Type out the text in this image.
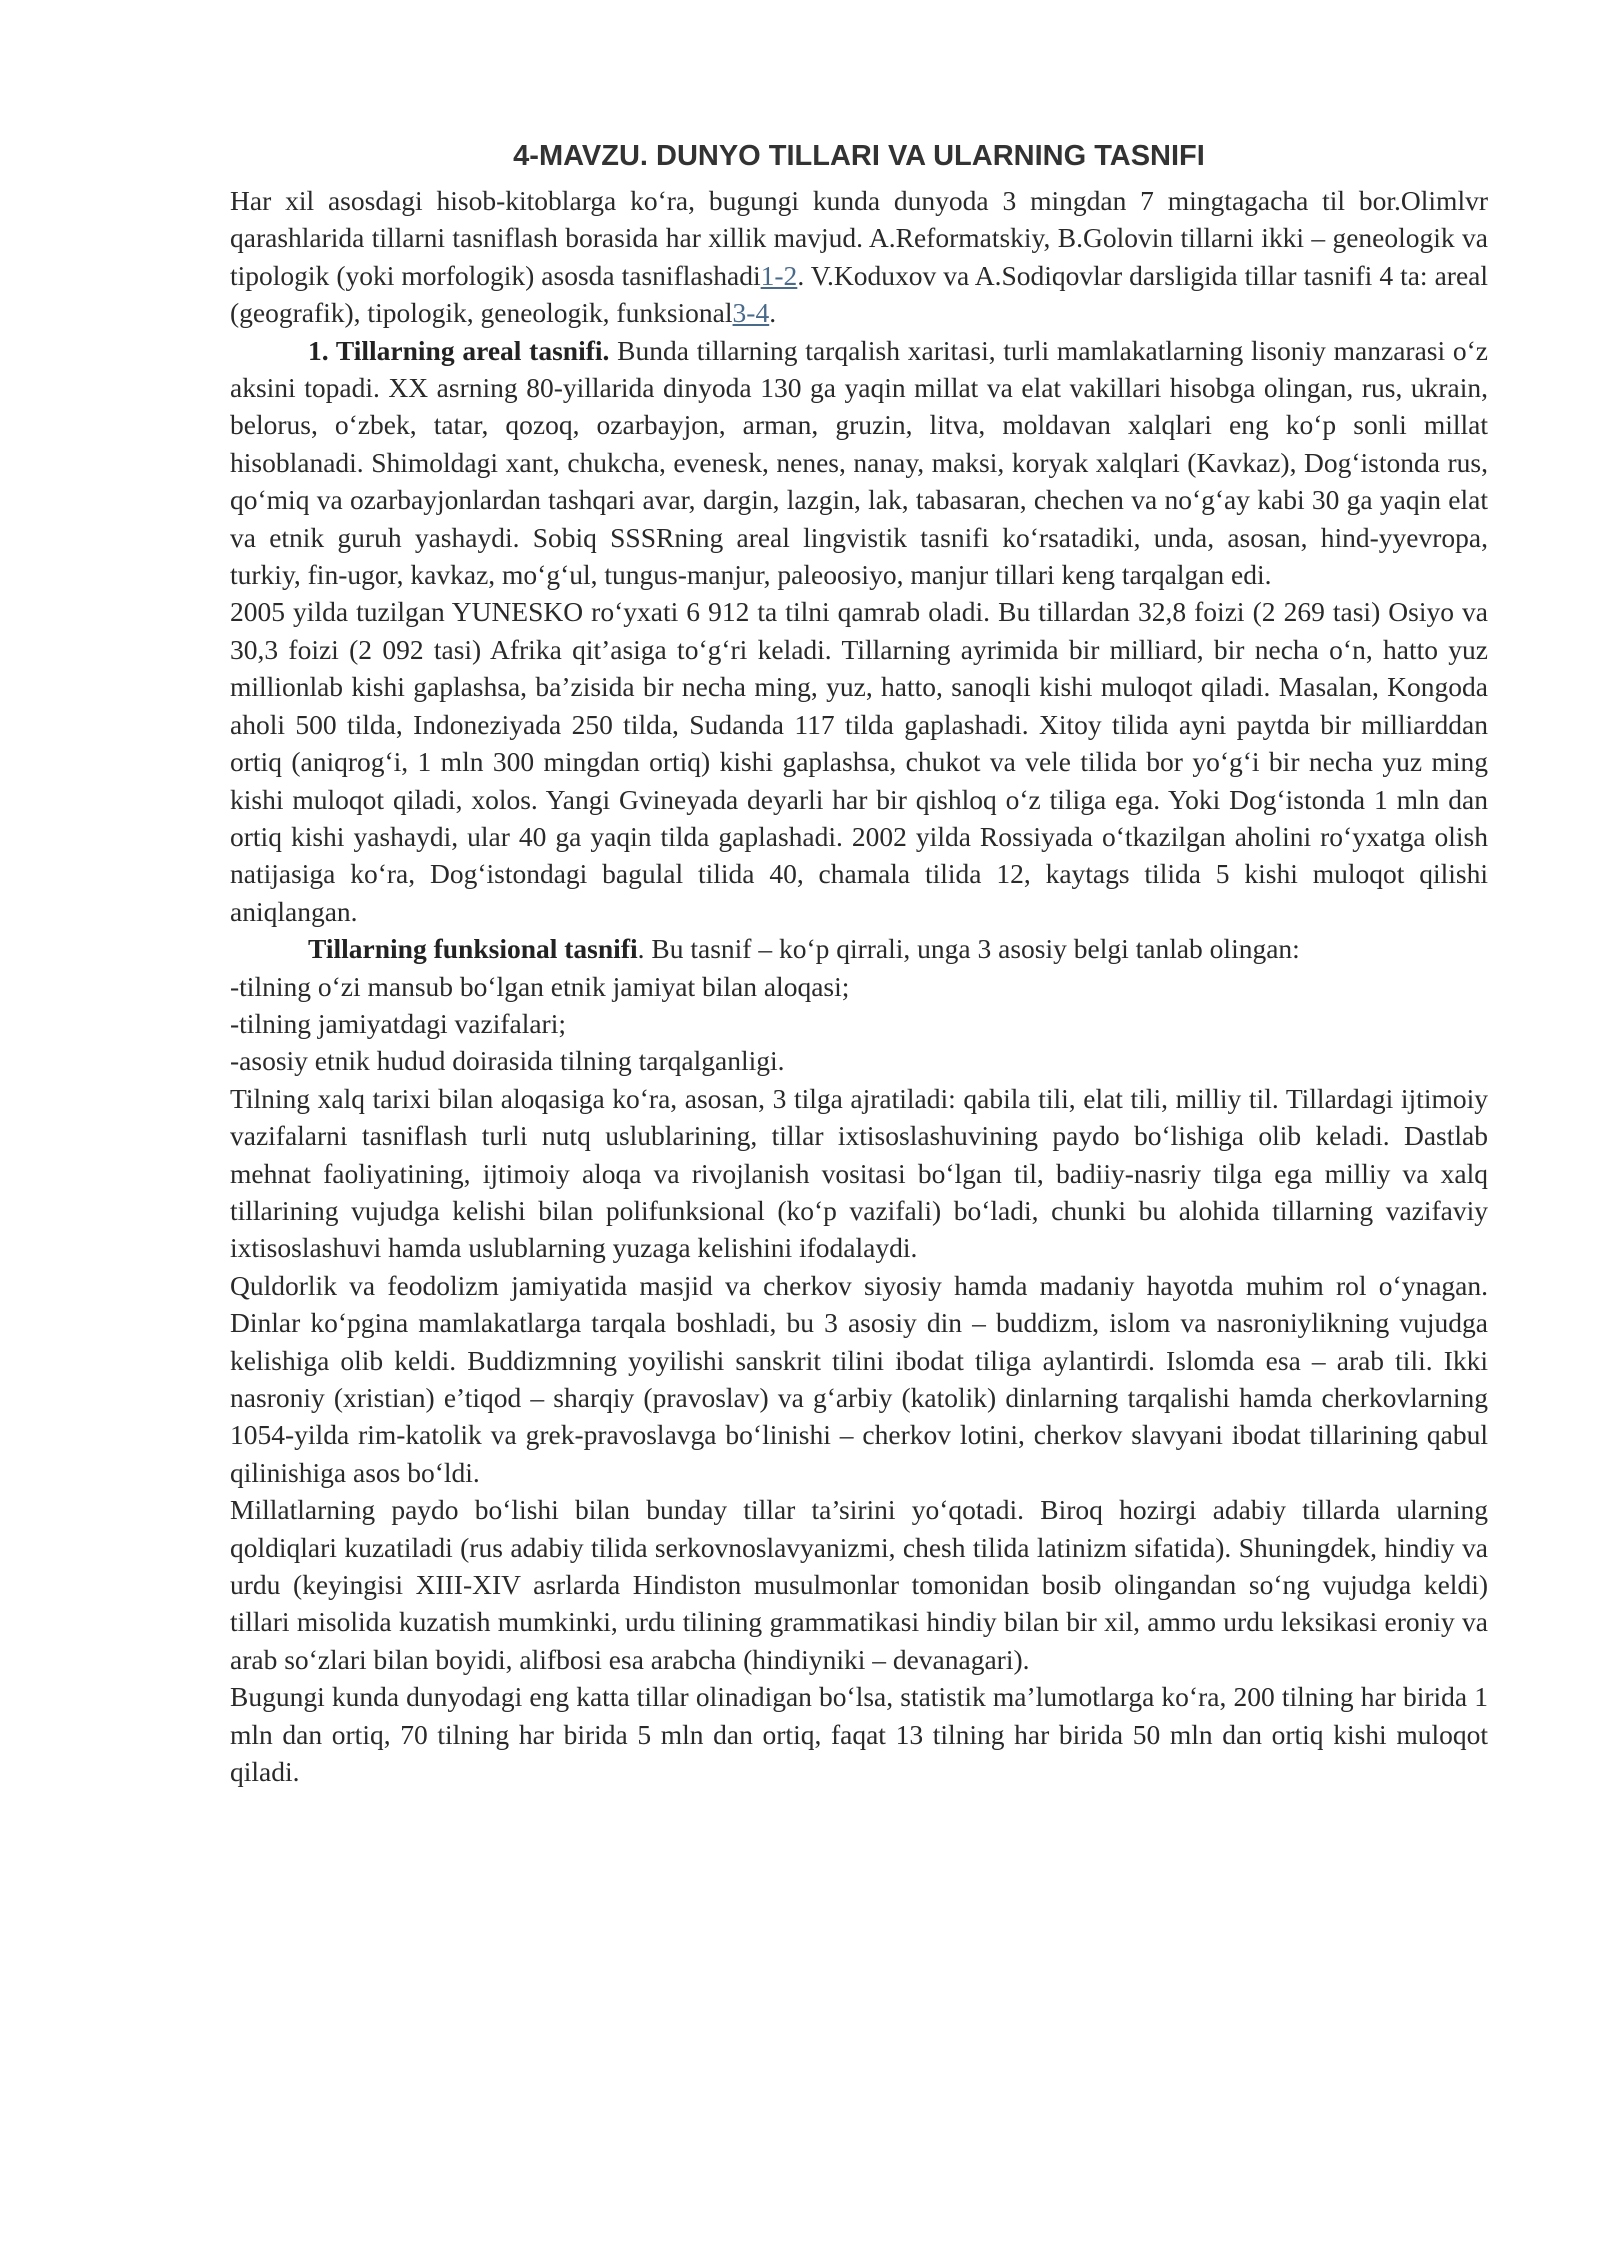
4-MAVZU. DUNYO TILLARI VA ULARNING TASNIFI

Har xil asosdagi hisob-kitoblarga ko‘ra, bugungi kunda dunyoda 3 mingdan 7 mingtagacha til bor.Olimlvr qarashlarida tillarni tasniflash borasida har xillik mavjud. A.Reformatskiy, B.Golovin tillarni ikki – geneologik va tipologik (yoki morfologik) asosda tasniflashadi1-2. V.Koduxov va A.Sodiqovlar darsligida tillar tasnifi 4 ta: areal (geografik), tipologik, geneologik, funksional3-4.

1. Tillarning areal tasnifi. Bunda tillarning tarqalish xaritasi, turli mamlakatlarning lisoniy manzarasi o‘z aksini topadi. XX asrning 80-yillarida dinyoda 130 ga yaqin millat va elat vakillari hisobga olingan, rus, ukrain, belorus, o‘zbek, tatar, qozoq, ozarbayjon, arman, gruzin, litva, moldavan xalqlari eng ko‘p sonli millat hisoblanadi. Shimoldagi xant, chukcha, evenesk, nenes, nanay, maksi, koryak xalqlari (Kavkaz), Dog‘istonda rus, qo‘miq va ozarbayjonlardan tashqari avar, dargin, lazgin, lak, tabasaran, chechen va no‘g‘ay kabi 30 ga yaqin elat va etnik guruh yashaydi. Sobiq SSSRning areal lingvistik tasnifi ko‘rsatadiki, unda, asosan, hind-yyevropa, turkiy, fin-ugor, kavkaz, mo‘g‘ul, tungus-manjur, paleoosiyo, manjur tillari keng tarqalgan edi.

2005 yilda tuzilgan YUNESKO ro‘yxati 6 912 ta tilni qamrab oladi. Bu tillardan 32,8 foizi (2 269 tasi) Osiyo va 30,3 foizi (2 092 tasi) Afrika qit’asiga to‘g‘ri keladi. Tillarning ayrimida bir milliard, bir necha o‘n, hatto yuz millionlab kishi gaplashsa, ba’zisida bir necha ming, yuz, hatto, sanoqli kishi muloqot qiladi. Masalan, Kongoda aholi 500 tilda, Indoneziyada 250 tilda, Sudanda 117 tilda gaplashadi. Xitoy tilida ayni paytda bir milliarddan ortiq (aniqrog‘i, 1 mln 300 mingdan ortiq) kishi gaplashsa, chukot va vele tilida bor yo‘g‘i bir necha yuz ming kishi muloqot qiladi, xolos. Yangi Gvineyada deyarli har bir qishloq o‘z tiliga ega. Yoki Dog‘istonda 1 mln dan ortiq kishi yashaydi, ular 40 ga yaqin tilda gaplashadi. 2002 yilda Rossiyada o‘tkazilgan aholini ro‘yxatga olish natijasiga ko‘ra, Dog‘istondagi bagulal tilida 40, chamala tilida 12, kaytags tilida 5 kishi muloqot qilishi aniqlangan.

Tillarning funksional tasnifi. Bu tasnif – ko‘p qirrali, unga 3 asosiy belgi tanlab olingan:

-tilning o‘zi mansub bo‘lgan etnik jamiyat bilan aloqasi;

-tilning jamiyatdagi vazifalari;

-asosiy etnik hudud doirasida tilning tarqalganligi.

Tilning xalq tarixi bilan aloqasiga ko‘ra, asosan, 3 tilga ajratiladi: qabila tili, elat tili, milliy til. Tillardagi ijtimoiy vazifalarni tasniflash turli nutq uslublarining, tillar ixtisoslashuvining paydo bo‘lishiga olib keladi. Dastlab mehnat faoliyatining, ijtimoiy aloqa va rivojlanish vositasi bo‘lgan til, badiiy-nasriy tilga ega milliy va xalq tillarining vujudga kelishi bilan polifunksional (ko‘p vazifali) bo‘ladi, chunki bu alohida tillarning vazifaviy ixtisoslashuvi hamda uslublarning yuzaga kelishini ifodalaydi.

Quldorlik va feodolizm jamiyatida masjid va cherkov siyosiy hamda madaniy hayotda muhim rol o‘ynagan. Dinlar ko‘pgina mamlakatlarga tarqala boshladi, bu 3 asosiy din – buddizm, islom va nasroniylikning vujudga kelishiga olib keldi. Buddizmning yoyilishi sanskrit tilini ibodat tiliga aylantirdi. Islomda esa – arab tili. Ikki nasroniy (xristian) e’tiqod – sharqiy (pravoslav) va g‘arbiy (katolik) dinlarning tarqalishi hamda cherkovlarning 1054-yilda rim-katolik va grek-pravoslavga bo‘linishi – cherkov lotini, cherkov slavyani ibodat tillarining qabul qilinishiga asos bo‘ldi.

Millatlarning paydo bo‘lishi bilan bunday tillar ta’sirini yo‘qotadi. Biroq hozirgi adabiy tillarda ularning qoldiqlari kuzatiladi (rus adabiy tilida serkovnoslavyanizmi, chesh tilida latinizm sifatida). Shuningdek, hindiy va urdu (keyingisi XIII-XIV asrlarda Hindiston musulmonlar tomonidan bosib olingandan so‘ng vujudga keldi) tillari misolida kuzatish mumkinki, urdu tilining grammatikasi hindiy bilan bir xil, ammo urdu leksikasi eroniy va arab so‘zlari bilan boyidi, alifbosi esa arabcha (hindiyniki – devanagari).

Bugungi kunda dunyodagi eng katta tillar olinadigan bo‘lsa, statistik ma’lumotlarga ko‘ra, 200 tilning har birida 1 mln dan ortiq, 70 tilning har birida 5 mln dan ortiq, faqat 13 tilning har birida 50 mln dan ortiq kishi muloqot qiladi.
